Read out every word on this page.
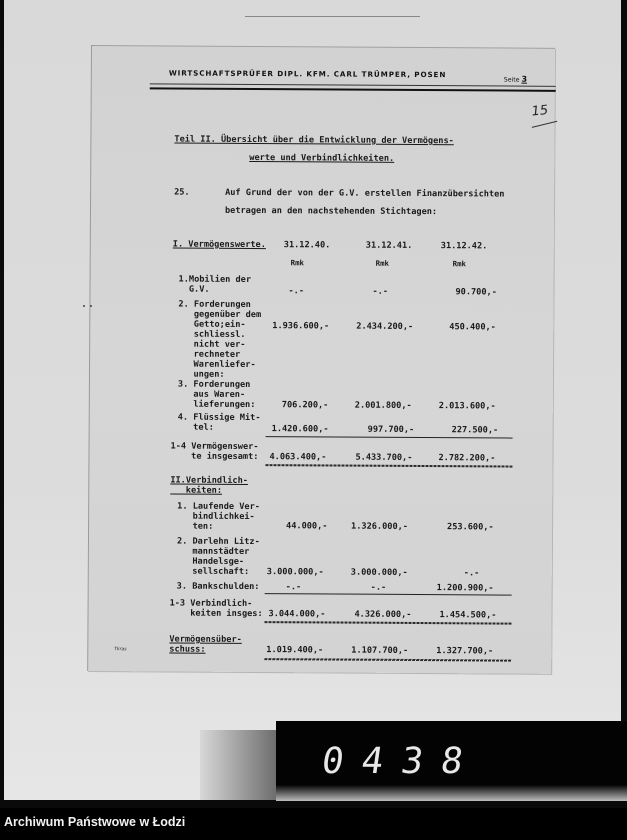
WIRTSCHAFTSPRÜFER DIPL. KFM. CARL TRÜMPER, POSEN
Seite 3
15
Teil II. Übersicht über die Entwicklung der Vermögens-
werte und Verbindlichkeiten.
25.	Auf Grund der von der G.V. erstellen Finanzübersichten
betragen an den nachstehenden Stichtagen:
I. Vermögenswerte. 31.12.40.	31.12.41.	31.12.42.
Rmk	Rmk	Rmk
1.Mobilien der
G.V.	-.-	-.-	90.700,-
2. Forderungen
gegenüber dem
Getto;ein-
schliessl.
nicht ver-
rechneter
Warenliefer-
ungen:
1.936.600,-	2.434.200,-	450.400,-
3. Forderungen
aus Waren-
lieferungen:	706.200,-	2.001.800,-	2.013.600,-
4. Flüssige Mit-
tel:	1.420.600,-	997.700,-	227.500,-
1-4 Vermögenswer-
te insgesamt: 4.063.400,-	5.433.700,-	2.782.200,-
II.Verbindlich-
keiten:
1. Laufende Ver-
bindlichkei-
ten:	44.000,-	1.326.000,-	253.600,-
2. Darlehn Litz-
mannstädter
Handelsge-
sellschaft:	3.000.000,-	3.000.000,-	-.-
3. Bankschulden:	-.-	-.-	1.200.900,-
1-3 Verbindlich-
keiten insges: 3.044.000,-	4.326.000,-	1.454.500,-
Vermögensüber-
schuss:	1.019.400,-	1.107.700,-	1.327.700,-
Tkras
0438
Archiwum Państwowe w Łodzi
